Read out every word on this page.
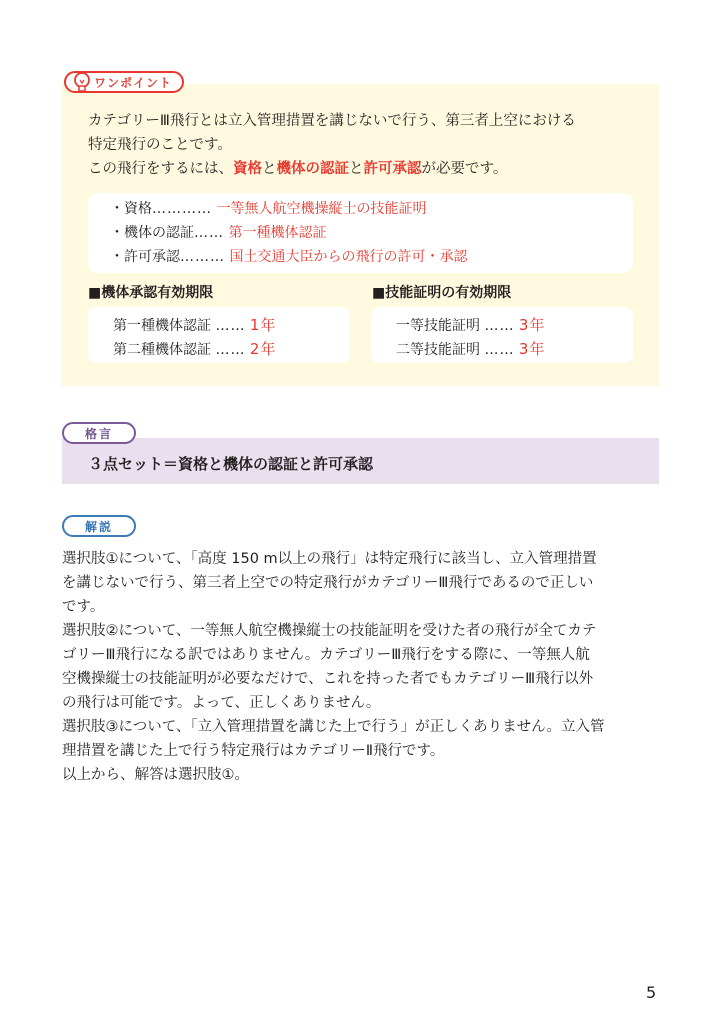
ワンポイント
カテゴリーⅢ飛行とは立入管理措置を講じないで行う、第三者上空における
特定飛行のことです。
この飛行をするには、資格と機体の認証と許可承認が必要です。
・資格………… 一等無人航空機操縦士の技能証明
・機体の認証…… 第一種機体認証
・許可承認……… 国土交通大臣からの飛行の許可・承認
■機体承認有効期限	■技能証明の有効期限
第一種機体認証 …… 1年
第二種機体認証 …… 2年
一等技能証明 …… 3年
二等技能証明 …… 3年
格言
３点セット＝資格と機体の認証と許可承認
解説

選択肢①について、「高度 150 m以上の飛行」は特定飛行に該当し、立入管理措置

を講じないで行う、第三者上空での特定飛行がカテゴリーⅢ飛行であるので正しい

です。

選択肢②について、一等無人航空機操縦士の技能証明を受けた者の飛行が全てカテ

ゴリーⅢ飛行になる訳ではありません。カテゴリーⅢ飛行をする際に、一等無人航

空機操縦士の技能証明が必要なだけで、これを持った者でもカテゴリーⅢ飛行以外

の飛行は可能です。よって、正しくありません。

選択肢③について、「立入管理措置を講じた上で行う」が正しくありません。立入管

理措置を講じた上で行う特定飛行はカテゴリーⅡ飛行です。

以上から、解答は選択肢①。

5
